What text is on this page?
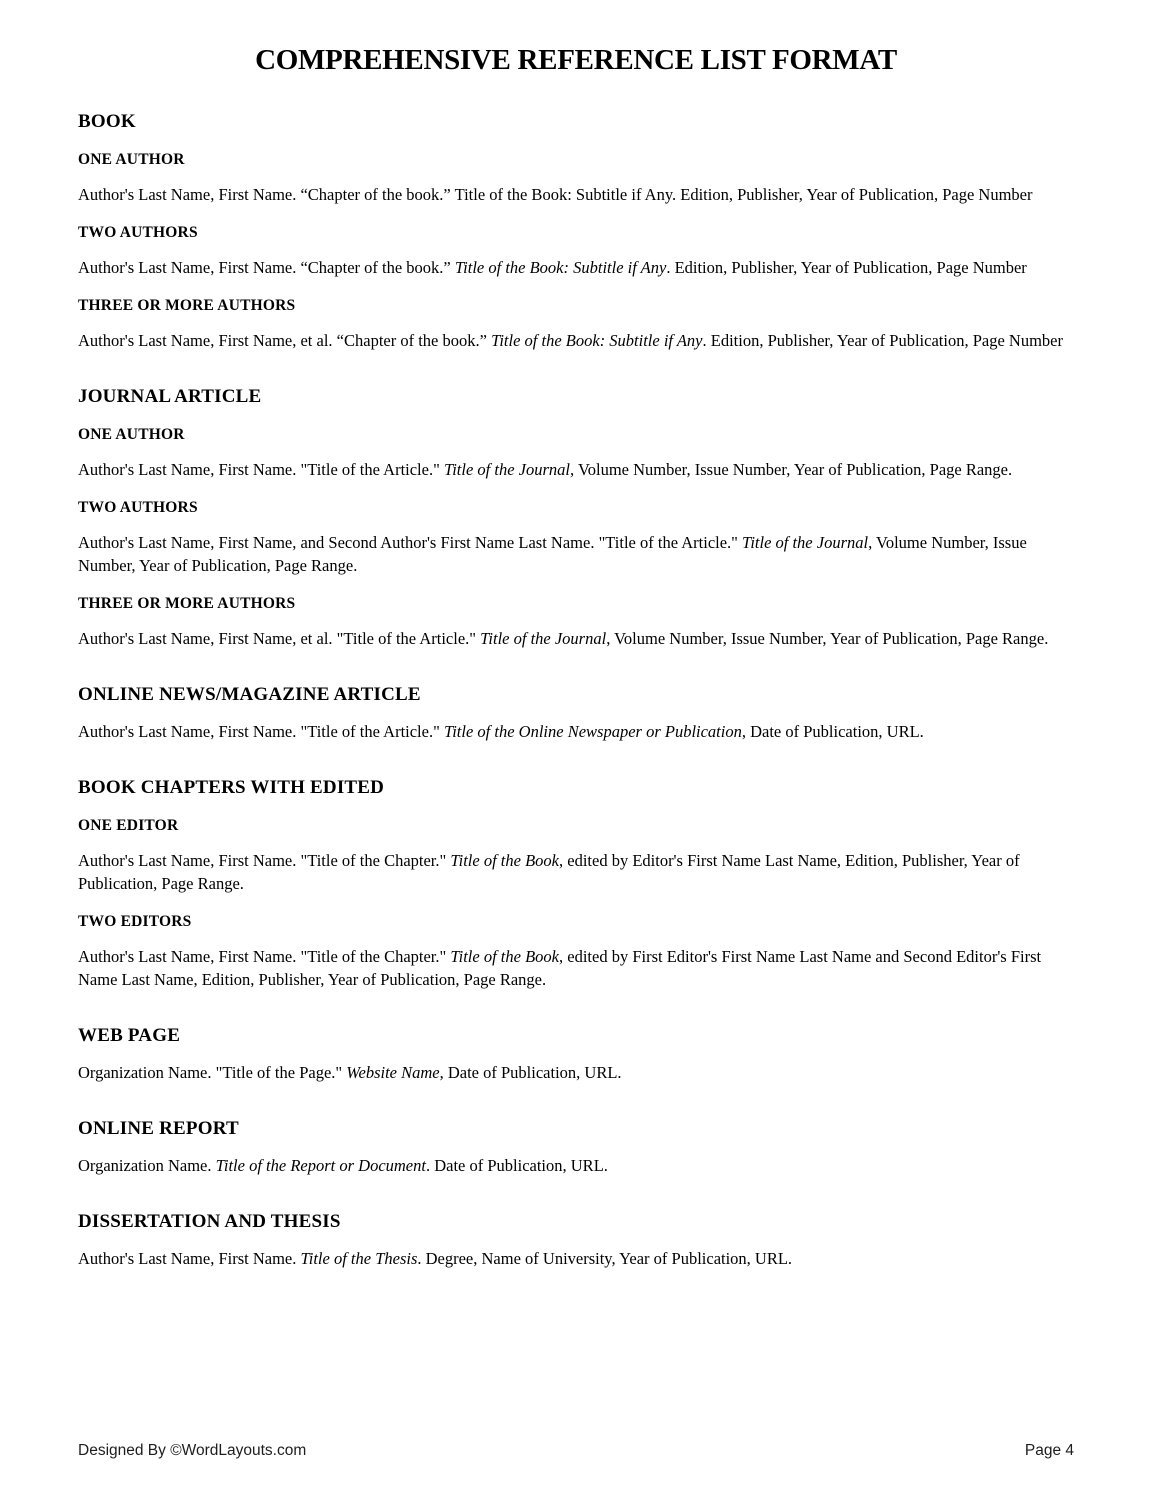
COMPREHENSIVE REFERENCE LIST FORMAT
BOOK
ONE AUTHOR

Author's Last Name, First Name. “Chapter of the book.” Title of the Book: Subtitle if Any. Edition, Publisher, Year of Publication, Page Number

TWO AUTHORS

Author's Last Name, First Name. “Chapter of the book.” Title of the Book: Subtitle if Any. Edition, Publisher, Year of Publication, Page Number

THREE OR MORE AUTHORS

Author's Last Name, First Name, et al. “Chapter of the book.” Title of the Book: Subtitle if Any. Edition, Publisher, Year of Publication, Page Number

JOURNAL ARTICLE
ONE AUTHOR

Author's Last Name, First Name. "Title of the Article." Title of the Journal, Volume Number, Issue Number, Year of Publication, Page Range.

TWO AUTHORS

Author's Last Name, First Name, and Second Author's First Name Last Name. "Title of the Article." Title of the Journal, Volume Number, Issue Number, Year of Publication, Page Range.

THREE OR MORE AUTHORS

Author's Last Name, First Name, et al. "Title of the Article." Title of the Journal, Volume Number, Issue Number, Year of Publication, Page Range.

ONLINE NEWS/MAGAZINE ARTICLE

Author's Last Name, First Name. "Title of the Article." Title of the Online Newspaper or Publication, Date of Publication, URL.

BOOK CHAPTERS WITH EDITED
ONE EDITOR

Author's Last Name, First Name. "Title of the Chapter." Title of the Book, edited by Editor's First Name Last Name, Edition, Publisher, Year of Publication, Page Range.

TWO EDITORS

Author's Last Name, First Name. "Title of the Chapter." Title of the Book, edited by First Editor's First Name Last Name and Second Editor's First Name Last Name, Edition, Publisher, Year of Publication, Page Range.

WEB PAGE

Organization Name. "Title of the Page." Website Name, Date of Publication, URL.

ONLINE REPORT

Organization Name. Title of the Report or Document. Date of Publication, URL.

DISSERTATION AND THESIS

Author's Last Name, First Name. Title of the Thesis. Degree, Name of University, Year of Publication, URL.

Designed By ©WordLayouts.com	Page 4
